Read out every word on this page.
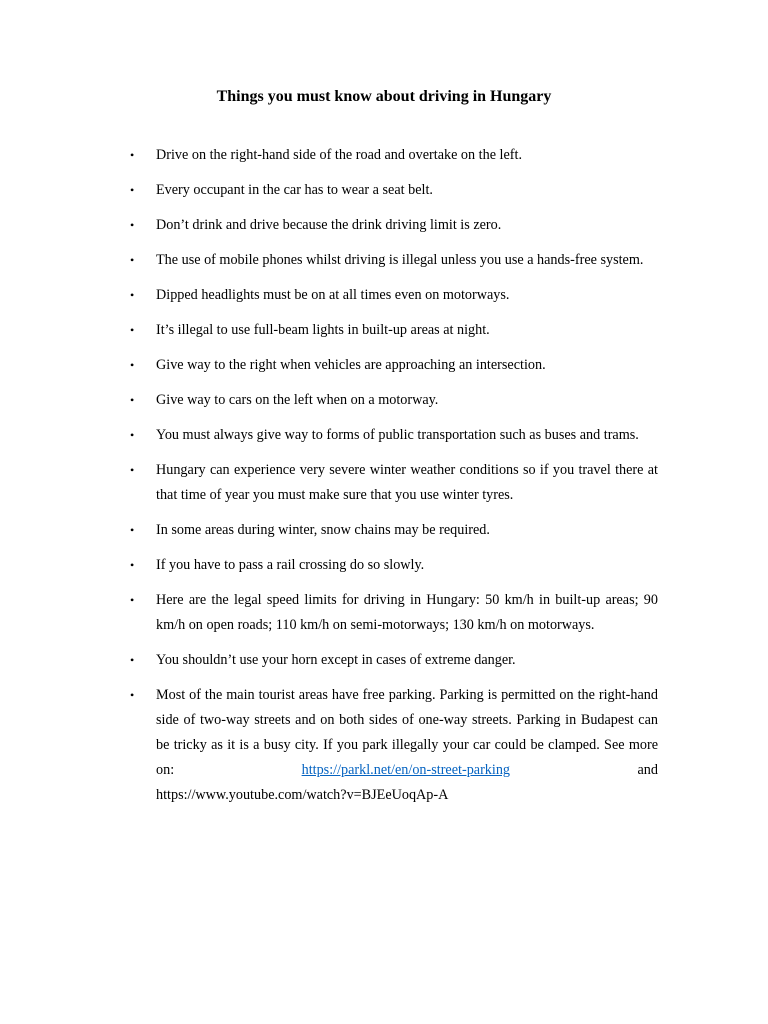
Things you must know about driving in Hungary
•	Drive on the right-hand side of the road and overtake on the left.
•	Every occupant in the car has to wear a seat belt.
•	Don’t drink and drive because the drink driving limit is zero.
•	The use of mobile phones whilst driving is illegal unless you use a hands-free system.
•	Dipped headlights must be on at all times even on motorways.
•	It’s illegal to use full-beam lights in built-up areas at night.
•	Give way to the right when vehicles are approaching an intersection.
•	Give way to cars on the left when on a motorway.
•	You must always give way to forms of public transportation such as buses and trams.
•	Hungary can experience very severe winter weather conditions so if you travel there at that time of year you must make sure that you use winter tyres.
•	In some areas during winter, snow chains may be required.
•	If you have to pass a rail crossing do so slowly.
•	Here are the legal speed limits for driving in Hungary: 50 km/h in built-up areas; 90 km/h on open roads; 110 km/h on semi-motorways; 130 km/h on motorways.
•	You shouldn’t use your horn except in cases of extreme danger.
•	Most of the main tourist areas have free parking. Parking is permitted on the right-hand side of two-way streets and on both sides of one-way streets. Parking in Budapest can be tricky as it is a busy city. If you park illegally your car could be clamped. See more on:	https://parkl.net/en/on-street-parking	and
https://www.youtube.com/watch?v=BJEeUoqAp-A
